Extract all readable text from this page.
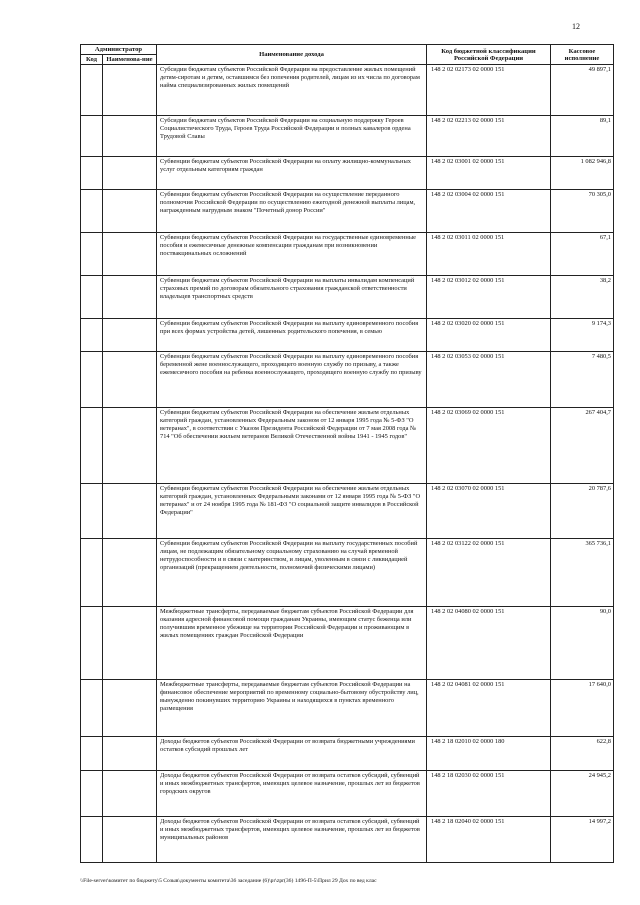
12
Администратор		Наименование дохода	Код бюджетной классификации Российской Федерации	Кассовое исполнение
Код	Наименова-ние			
		Субсидии бюджетам субъектов Российской Федерации на предоставление жилых помещений детям-сиротам и детям, оставшимся без попечения родителей, лицам из их числа по договорам найма специализированных жилых помещений	148 2 02 02173 02 0000 151	49 897,1
		Субсидии бюджетам субъектов Российской Федерации на социальную поддержку Героев Социалистического Труда, Героев Труда Российской Федерации и полных кавалеров ордена Трудовой Славы	148 2 02 02213 02 0000 151	89,1
		Субвенции бюджетам субъектов Российской Федерации на оплату жилищно-коммунальных услуг отдельным категориям граждан	148 2 02 03001 02 0000 151	1 082 946,8
		Субвенции бюджетам субъектов Российской Федерации на осуществление переданного полномочия Российской Федерации по осуществлению ежегодной денежной выплаты лицам, награжденным нагрудным знаком "Почетный донор России"	148 2 02 03004 02 0000 151	70 305,0
		Субвенции бюджетам субъектов Российской Федерации на государственные единовременные пособия и ежемесячные денежные компенсации гражданам при возникновении поствакцинальных осложнений	148 2 02 03011 02 0000 151	67,1
		Субвенции бюджетам субъектов Российской Федерации на выплаты инвалидам компенсаций страховых премий по договорам обязательного страхования гражданской ответственности владельцев транспортных средств	148 2 02 03012 02 0000 151	38,2
		Субвенции бюджетам субъектов Российской Федерации на выплату единовременного пособия при всех формах устройства детей, лишенных родительского попечения, в семью	148 2 02 03020 02 0000 151	9 174,3
		Субвенции бюджетам субъектов Российской Федерации на выплату единовременного пособия беременной жене военнослужащего, проходящего военную службу по призыву, а также ежемесячного пособия на ребенка военнослужащего, проходящего военную службу по призыву	148 2 02 03053 02 0000 151	7 480,5
		Субвенции бюджетам субъектов Российской Федерации на обеспечение жильем отдельных категорий граждан, установленных Федеральным законом от 12 января 1995 года № 5-ФЗ "О ветеранах", в соответствии с Указом Президента Российской Федерации от 7 мая 2008 года № 714 "Об обеспечении жильем ветеранов Великой Отечественной войны 1941 - 1945 годов"	148 2 02 03069 02 0000 151	267 404,7
		Субвенции бюджетам субъектов Российской Федерации на обеспечение жильем отдельных категорий граждан, установленных Федеральными законами от 12 января 1995 года № 5-ФЗ "О ветеранах" и от 24 ноября 1995 года № 181-ФЗ "О социальной защите инвалидов в Российской Федерации"	148 2 02 03070 02 0000 151	20 787,6
		Субвенции бюджетам субъектов Российской Федерации на выплату государственных пособий лицам, не подлежащим обязательному социальному страхованию на случай временной нетрудоспособности и в связи с материнством, и лицам, уволенным в связи с ликвидацией организаций (прекращением деятельности, полномочий физическими лицами)	148 2 02 03122 02 0000 151	365 736,1
		Межбюджетные трансферты, передаваемые бюджетам субъектов Российской Федерации для оказания адресной финансовой помощи гражданам Украины, имеющим статус беженца или получившим временное убежище на территории Российской Федерации и проживающим в жилых помещениях граждан Российской Федерации	148 2 02 04080 02 0000 151	90,0
		Межбюджетные трансферты, передаваемые бюджетам субъектов Российской Федерации на финансовое обеспечение мероприятий по временному социально-бытовому обустройству лиц, вынужденно покинувших территорию Украины и находящихся в пунктах временного размещения	148 2 02 04081 02 0000 151	17 640,0
		Доходы бюджетов субъектов Российской Федерации от возврата бюджетными учреждениями остатков субсидий прошлых лет	148 2 18 02010 02 0000 180	622,8
		Доходы бюджетов субъектов Российской Федерации от возврата остатков субсидий, субвенций и иных межбюджетных трансфертов, имеющих целевое назначение, прошлых лет из бюджетов городских округов	148 2 18 02030 02 0000 151	24 945,2
		Доходы бюджетов субъектов Российской Федерации от возврата остатков субсидий, субвенций и иных межбюджетных трансфертов, имеющих целевое назначение, прошлых лет из бюджетов муниципальных районов	148 2 18 02040 02 0000 151	14 997,2
\\File-server\комитет по бюджету\5 Созыв\документы комитета\36 заседание (6)\pr\zpr(36) 1496-П-5\Прил 29 Дох по вед клас
